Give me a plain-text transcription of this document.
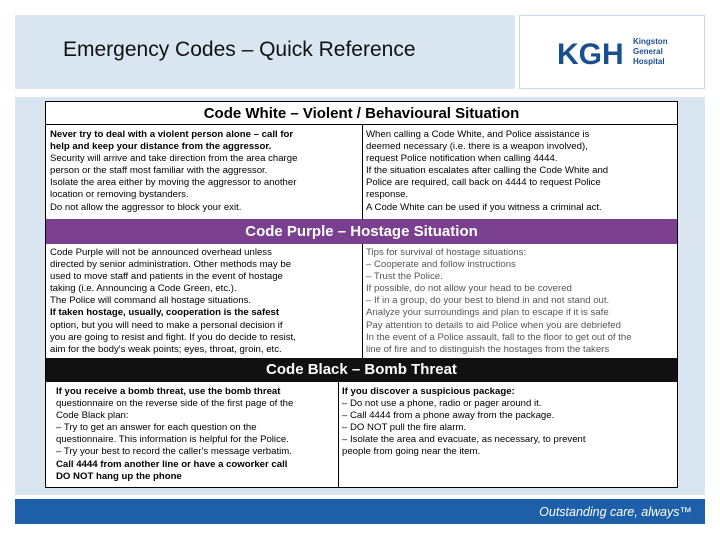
Emergency Codes – Quick Reference	KGH Kingston
General
Hospital
Code White – Violent / Behavioural Situation
Never try to deal with a violent person alone – call for
help and keep your distance from the aggressor.
Security will arrive and take direction from the area charge
person or the staff most familiar with the aggressor.
Isolate the area either by moving the aggressor to another
location or removing bystanders.
Do not allow the aggressor to block your exit.
When calling a Code White, and Police assistance is
deemed necessary (i.e. there is a weapon involved),
request Police notification when calling 4444.
If the situation escalates after calling the Code White and
Police are required, call back on 4444 to request Police
response.
A Code White can be used if you witness a criminal act.
Code Purple – Hostage Situation
Code Purple will not be announced overhead unless
directed by senior administration. Other methods may be
used to move staff and patients in the event of hostage
taking (i.e. Announcing a Code Green, etc.).
The Police will command all hostage situations.
If taken hostage, usually, cooperation is the safest
option, but you will need to make a personal decision if
you are going to resist and fight. If you do decide to resist,
aim for the body's weak points; eyes, throat, groin, etc.
Tips for survival of hostage situations:
– Cooperate and follow instructions
– Trust the Police.
If possible, do not allow your head to be covered
– If in a group, do your best to blend in and not stand out.
Analyze your surroundings and plan to escape if it is safe
Pay attention to details to aid Police when you are debriefed
In the event of a Police assault, fall to the floor to get out of the
line of fire and to distinguish the hostages from the takers
Code Black – Bomb Threat
If you receive a bomb threat, use the bomb threat
questionnaire on the reverse side of the first page of the
Code Black plan:
– Try to get an answer for each question on the
questionnaire. This information is helpful for the Police.
– Try your best to record the caller's message verbatim.
Call 4444 from another line or have a coworker call
DO NOT hang up the phone
If you discover a suspicious package:
– Do not use a phone, radio or pager around it.
– Call 4444 from a phone away from the package.
– DO NOT pull the fire alarm.
– Isolate the area and evacuate, as necessary, to prevent
people from going near the item.
Outstanding care, always™
